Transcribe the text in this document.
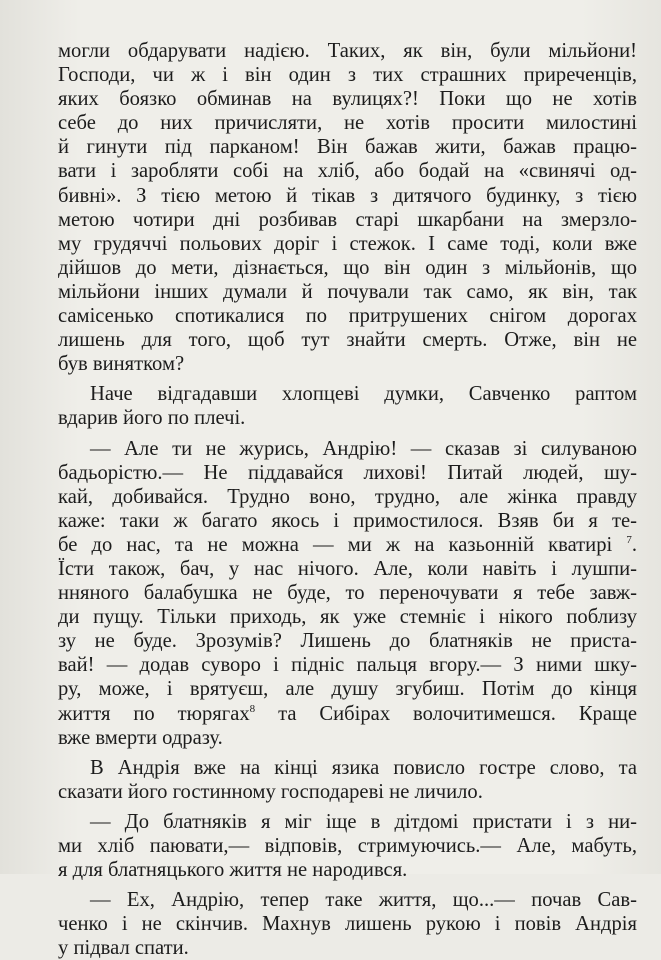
могли обдарувати надією. Таких, як він, були мільйони!
Господи, чи ж і він один з тих страшних приреченців,
яких боязко обминав на вулицях?! Поки що не хотів
себе до них причисляти, не хотів просити милостині
й гинути під парканом! Він бажав жити, бажав працю-
вати і заробляти собі на хліб, або бодай на «свинячі од-
бивні». З тією метою й тікав з дитячого будинку, з тією
метою чотири дні розбивав старі шкарбани на змерзло-
му грудяччі польових доріг і стежок. І саме тоді, коли вже
дійшов до мети, дізнається, що він один з мільйонів, що
мільйони інших думали й почували так само, як він, так
самісенько спотикалися по притрушених снігом дорогах
лишень для того, щоб тут знайти смерть. Отже, він не
був винятком?

Наче відгадавши хлопцеві думки, Савченко раптом
вдарив його по плечі.

— Але ти не журись, Андрію! — сказав зі силуваною
бадьорістю.— Не піддавайся лихові! Питай людей, шу-
кай, добивайся. Трудно воно, трудно, але жінка правду
каже: таки ж багато якось і примостилося. Взяв би я те-
бе до нас, та не можна — ми ж на казьонній кватирі $^7$.
Їсти також, бач, у нас нічого. Але, коли навіть і лушпи-
нняного балабушка не буде, то переночувати я тебе завж-
ди пущу. Тільки приходь, як уже стемніє і нікого поблизу
зу не буде. Зрозумів? Лишень до блатняків не приста-
вай! — додав суворо і підніс пальця вгору.— З ними шку-
ру, може, і врятуєш, але душу згубиш. Потім до кінця
життя по тюрягах$^8$ та Сибірах волочитимешся. Краще
вже вмерти одразу.

В Андрія вже на кінці язика повисло гостре слово, та
сказати його гостинному господареві не личило.

— До блатняків я міг іще в дітдомі пристати і з ни-
ми хліб паювати,— відповів, стримуючись.— Але, мабуть,
я для блатняцького життя не народився.

— Ех, Андрію, тепер таке життя, що...— почав Сав-
ченко і не скінчив. Махнув лишень рукою і повів Андрія
у підвал спати.
